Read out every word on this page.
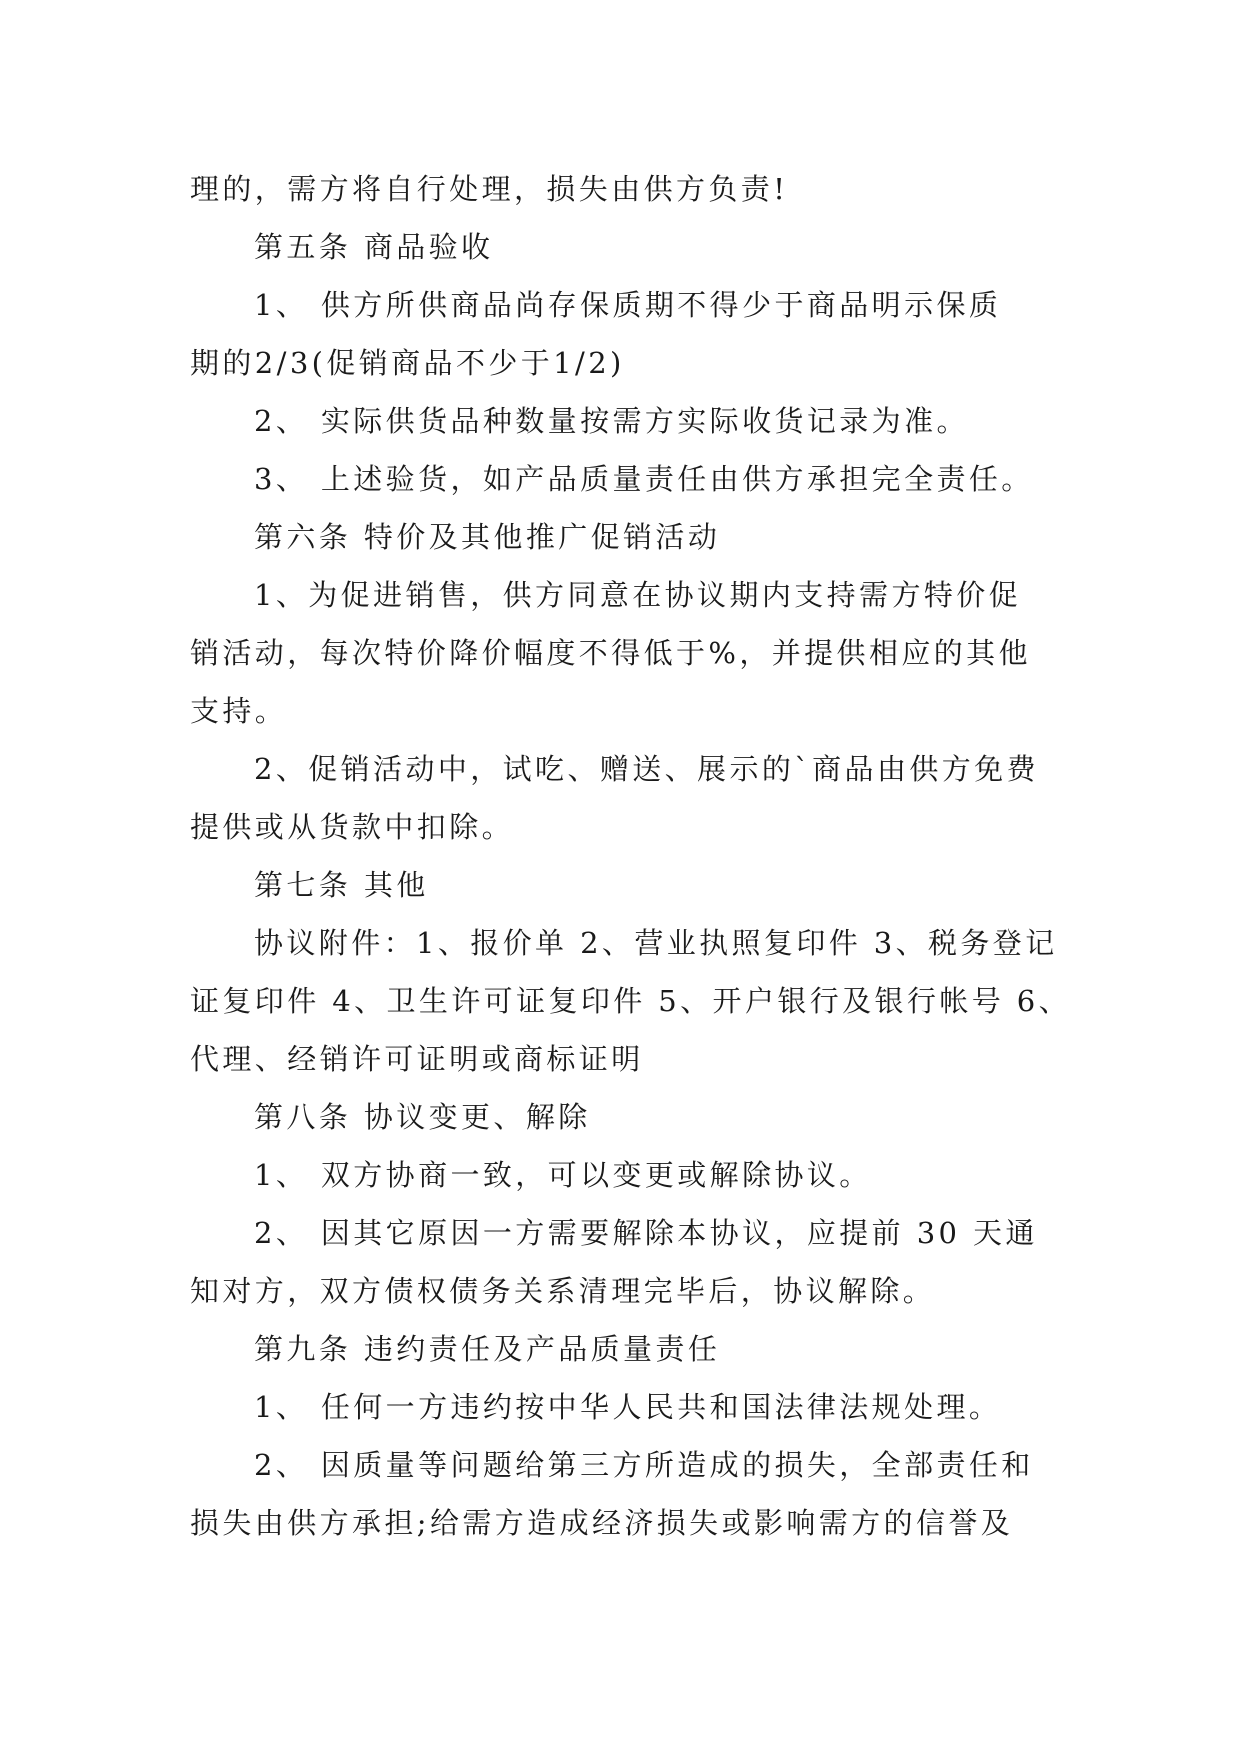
理的，需方将自行处理，损失由供方负责!
第五条 商品验收
1、 供方所供商品尚存保质期不得少于商品明示保质
期的2/3(促销商品不少于1/2)
2、 实际供货品种数量按需方实际收货记录为准。
3、 上述验货，如产品质量责任由供方承担完全责任。
第六条 特价及其他推广促销活动
1、为促进销售，供方同意在协议期内支持需方特价促
销活动，每次特价降价幅度不得低于%，并提供相应的其他
支持。
2、促销活动中，试吃、赠送、展示的`商品由供方免费
提供或从货款中扣除。
第七条 其他
协议附件：1、报价单 2、营业执照复印件 3、税务登记
证复印件 4、卫生许可证复印件 5、开户银行及银行帐号 6、
代理、经销许可证明或商标证明
第八条 协议变更、解除
1、 双方协商一致，可以变更或解除协议。
2、 因其它原因一方需要解除本协议，应提前 30 天通
知对方，双方债权债务关系清理完毕后，协议解除。
第九条 违约责任及产品质量责任
1、 任何一方违约按中华人民共和国法律法规处理。
2、 因质量等问题给第三方所造成的损失，全部责任和
损失由供方承担;给需方造成经济损失或影响需方的信誉及
